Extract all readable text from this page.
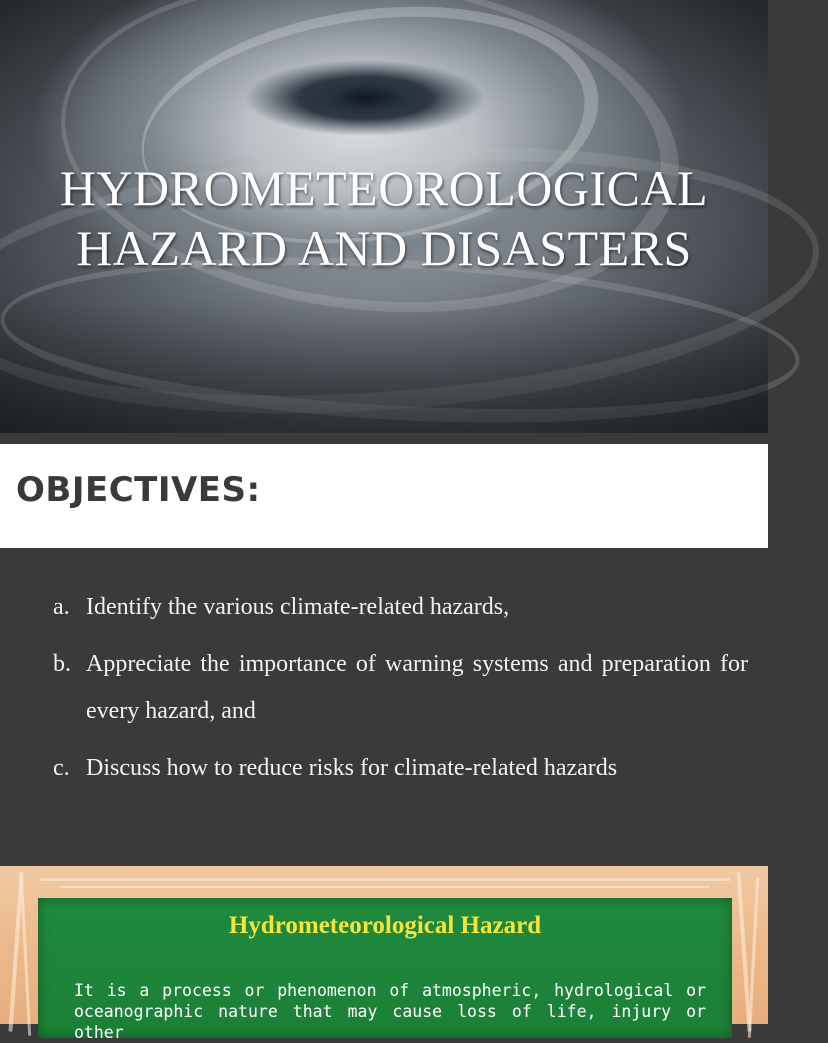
HYDROMETEOROLOGICAL
HAZARD AND DISASTERS
OBJECTIVES:
a. Identify the various climate-related hazards,
b. Appreciate the importance of warning systems and preparation for every hazard, and
c. Discuss how to reduce risks for climate-related hazards
Hydrometeorological Hazard

It is a process or phenomenon of atmospheric, hydrological or oceanographic nature that may cause loss of life, injury or other
